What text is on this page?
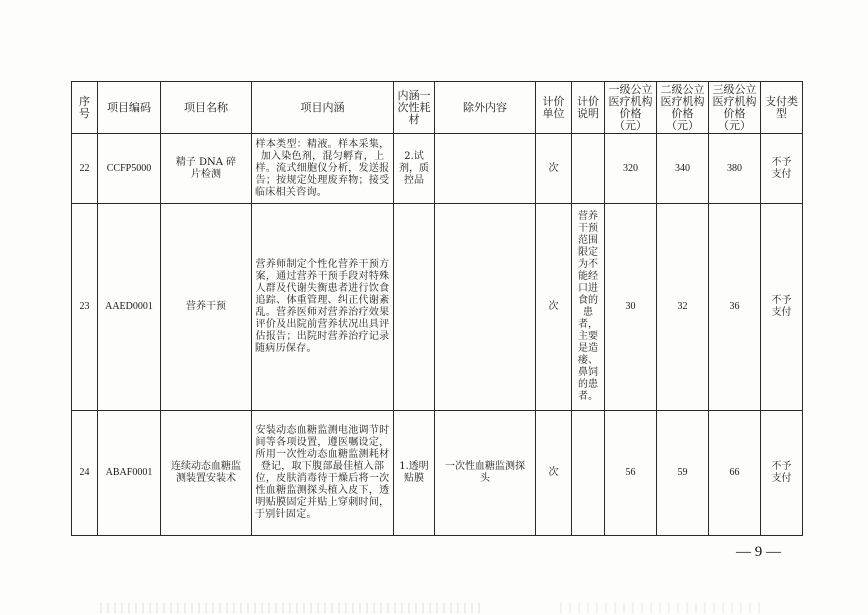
序号	项目编码	项目名称	项目内涵	内涵一次性耗材	除外内容	计价单位	计价说明	一级公立医疗机构价格（元）	二级公立医疗机构价格（元）	三级公立医疗机构价格（元）	支付类型
22	CCFP5000	精子 DNA 碎片检测	样本类型：精液。样本采集，加入染色剂，混匀孵育，上样。流式细胞仪分析，发送报告；按规定处理废弃物；接受临床相关咨询。	2.试剂，质控品		次		320	340	380	不予支付
23	AAED0001	营养干预	营养师制定个性化营养干预方案，通过营养干预手段对特殊人群及代谢失衡患者进行饮食追踪、体重管理、纠正代谢紊乱。营养医师对营养治疗效果评价及出院前营养状况出具评估报告；出院时营养治疗记录随病历保存。			次	营养干预范围限定为不能经口进食的患者，主要是造瘘、鼻饲的患者。	30	32	36	不予支付
24	ABAF0001	连续动态血糖监测装置安装术	安装动态血糖监测电池调节时间等各项设置，遵医嘱设定，所用一次性动态血糖监测耗材登记，取下腹部最佳植入部位，皮肤消毒待干燥后将一次性血糖监测探头植入皮下，透明贴膜固定并贴上穿刺时间，于别针固定。	1.透明贴膜	一次性血糖监测探头	次		56	59	66	不予支付
— 9 —
